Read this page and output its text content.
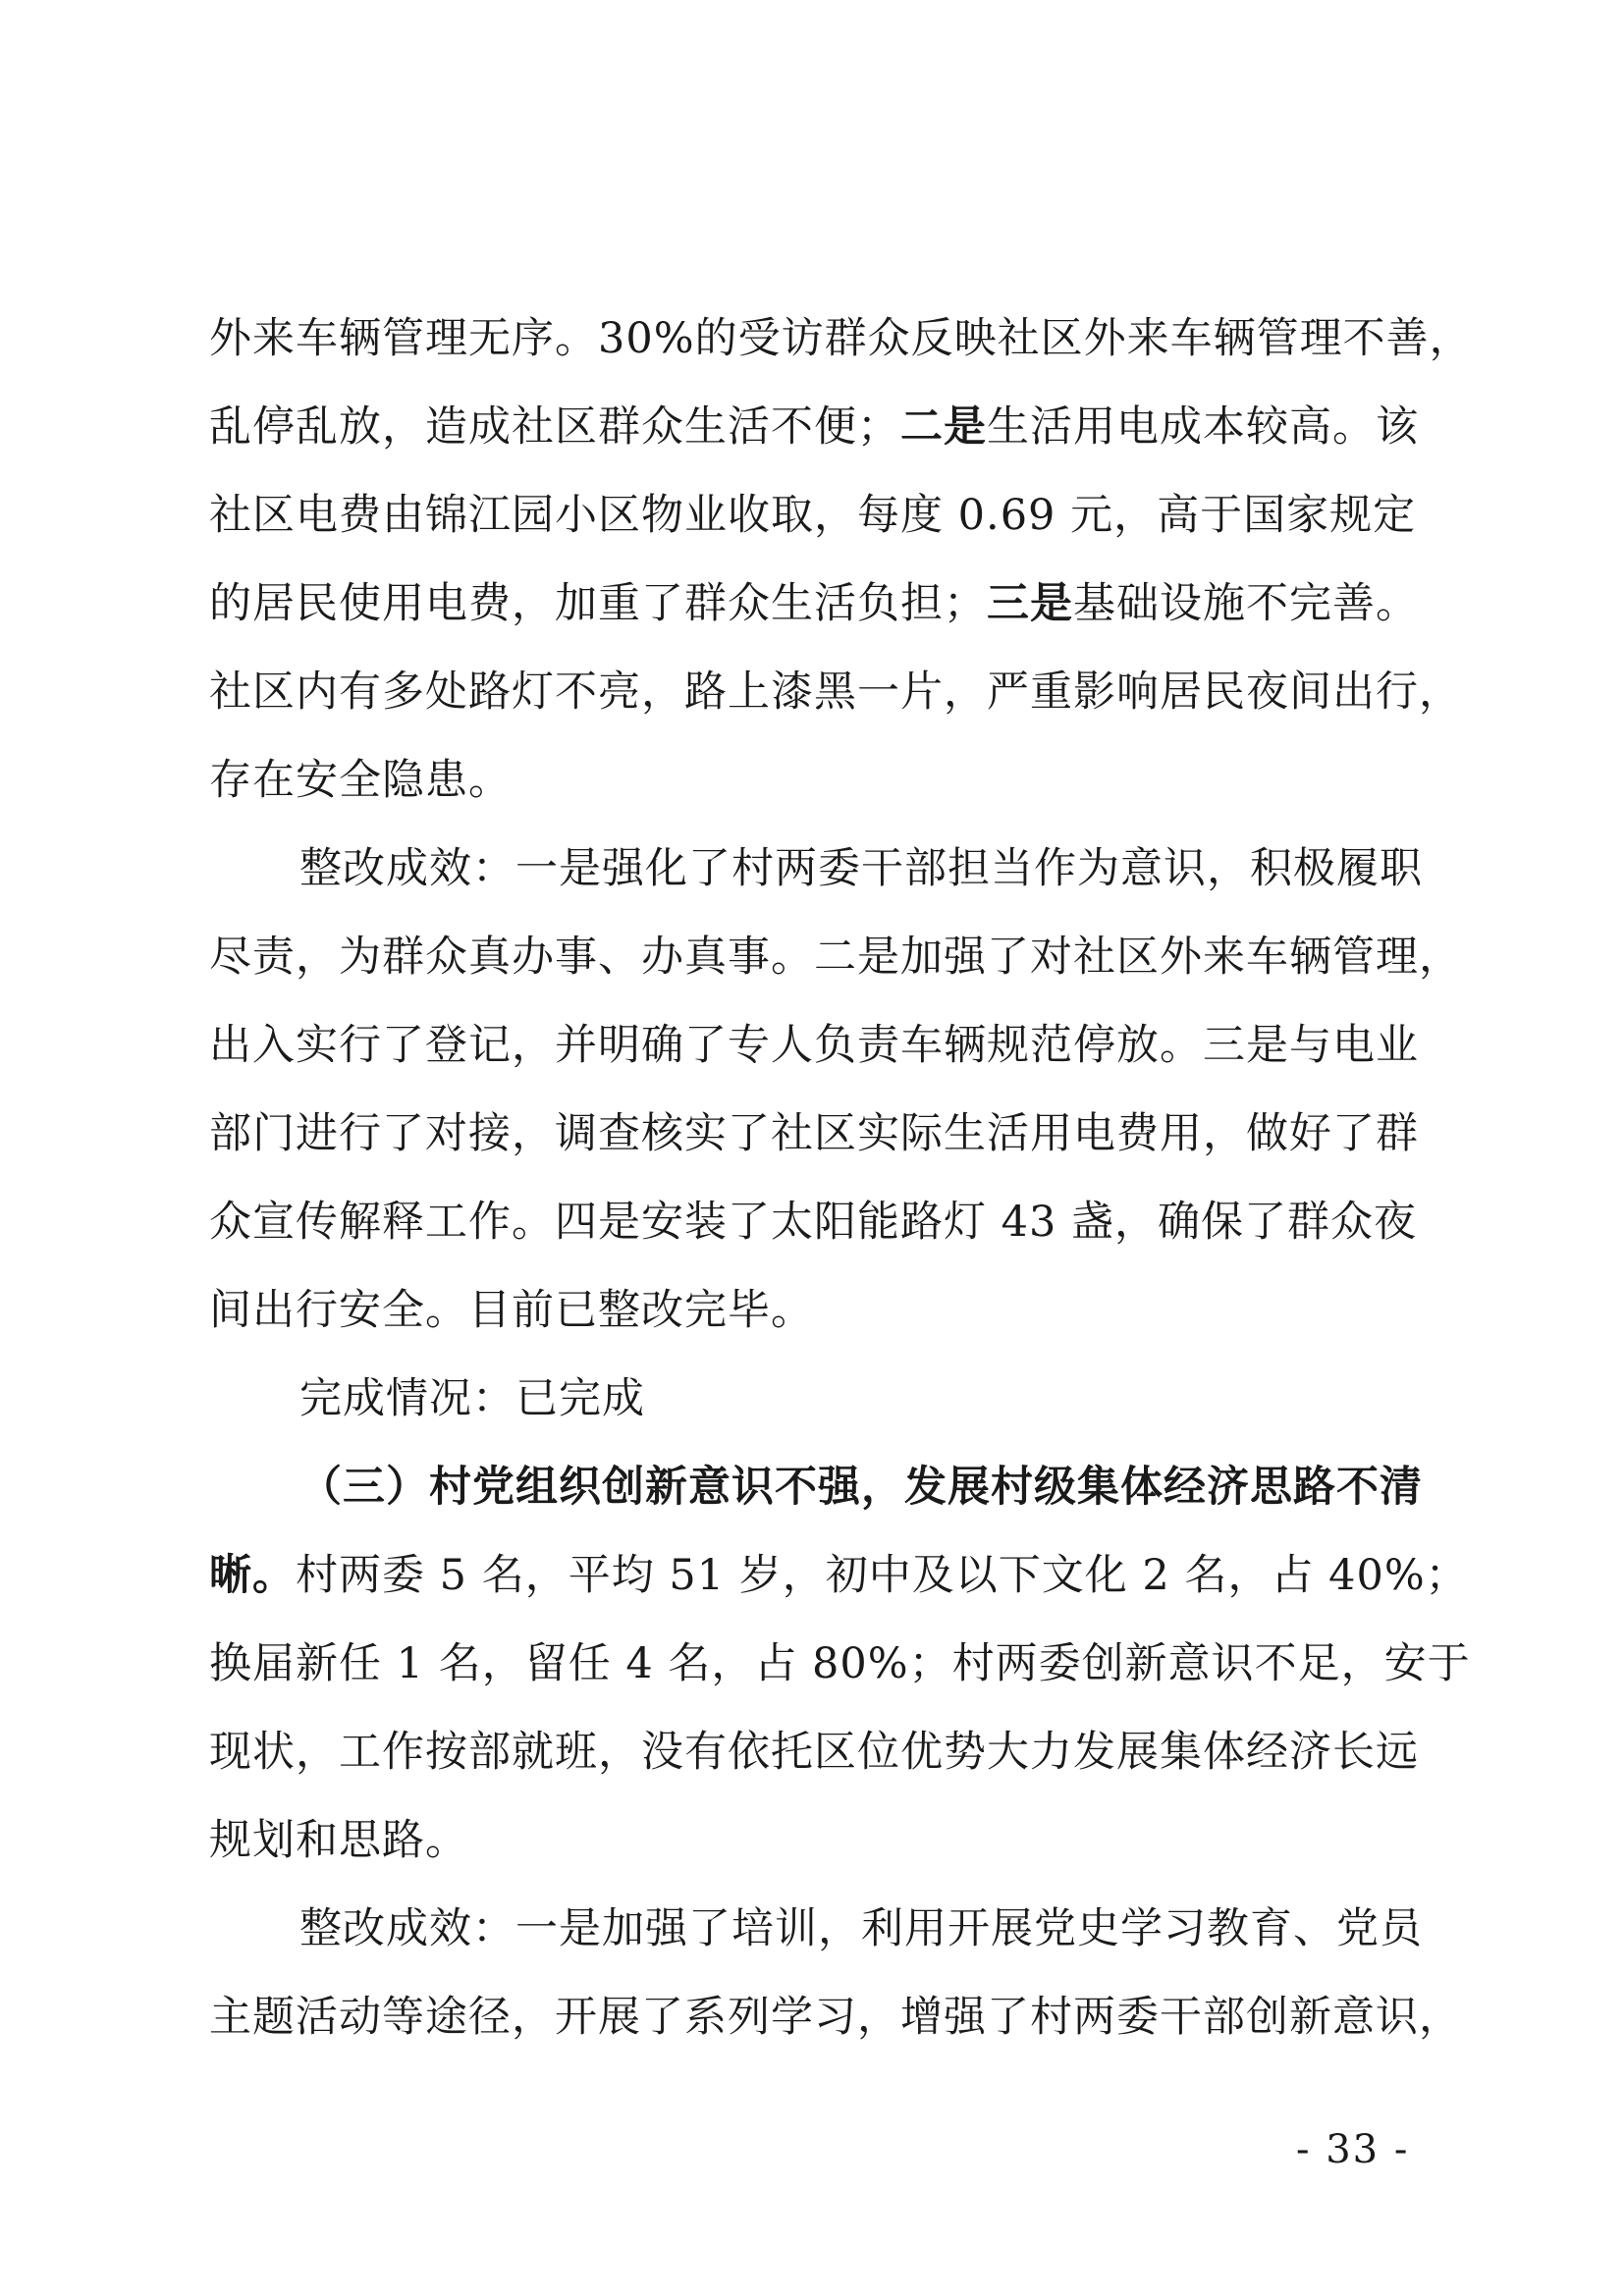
外来车辆管理无序。30%的受访群众反映社区外来车辆管理不善，
乱停乱放，造成社区群众生活不便；二是生活用电成本较高。该
社区电费由锦江园小区物业收取，每度 0.69 元，高于国家规定
的居民使用电费，加重了群众生活负担；三是基础设施不完善。
社区内有多处路灯不亮，路上漆黑一片，严重影响居民夜间出行，
存在安全隐患。
整改成效：一是强化了村两委干部担当作为意识，积极履职
尽责，为群众真办事、办真事。二是加强了对社区外来车辆管理，
出入实行了登记，并明确了专人负责车辆规范停放。三是与电业
部门进行了对接，调查核实了社区实际生活用电费用，做好了群
众宣传解释工作。四是安装了太阳能路灯 43 盏，确保了群众夜
间出行安全。目前已整改完毕。
完成情况：已完成
（三）村党组织创新意识不强，发展村级集体经济思路不清
晰。村两委 5 名，平均 51 岁，初中及以下文化 2 名，占 40%；
换届新任 1 名，留任 4 名，占 80%；村两委创新意识不足，安于
现状，工作按部就班，没有依托区位优势大力发展集体经济长远
规划和思路。
整改成效：一是加强了培训，利用开展党史学习教育、党员
主题活动等途径，开展了系列学习，增强了村两委干部创新意识，
- 33 -
